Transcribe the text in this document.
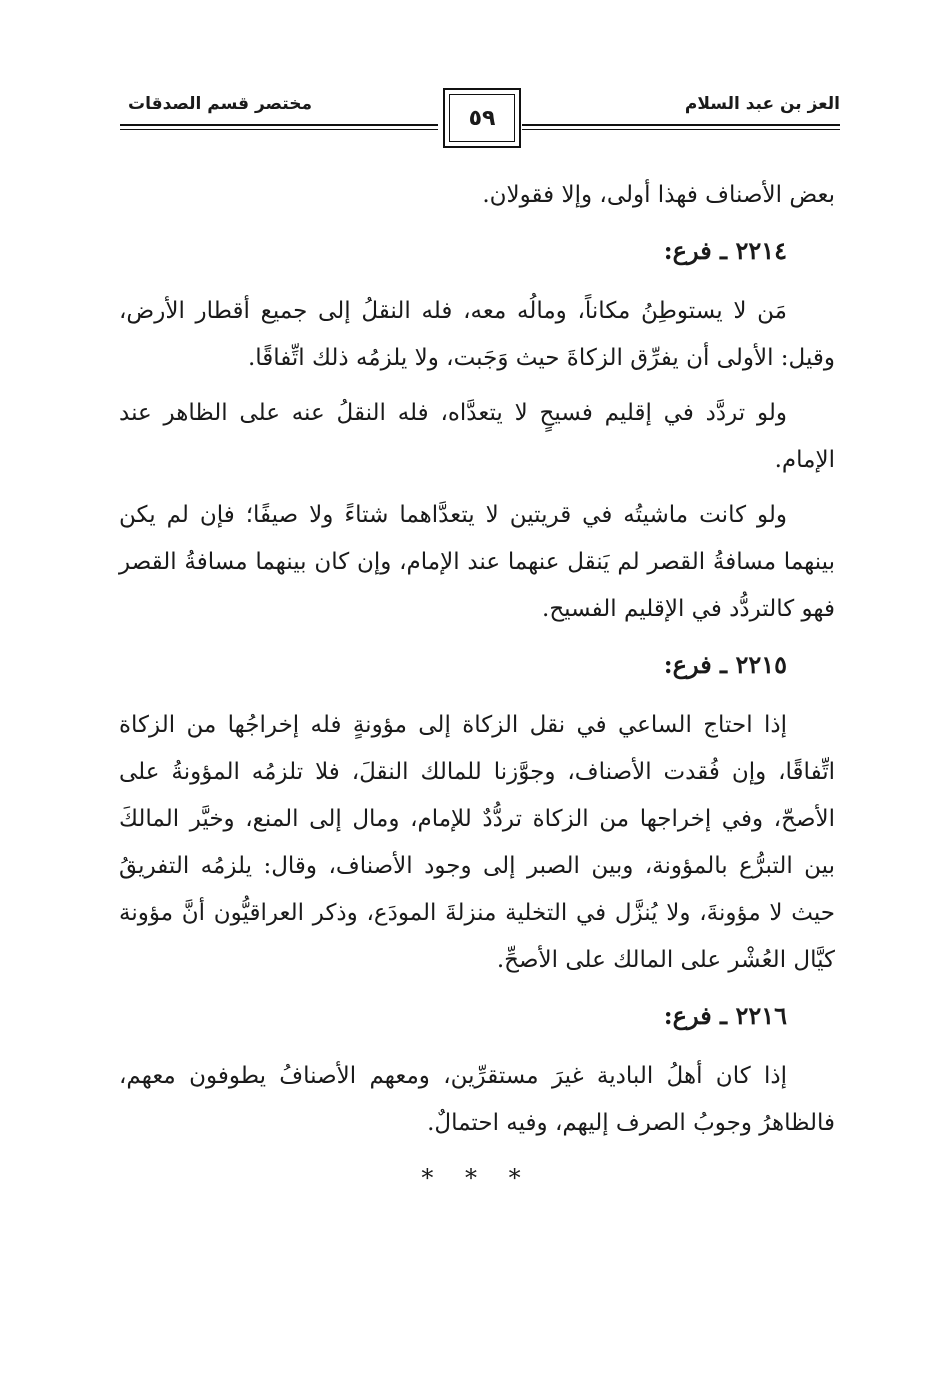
مختصر قسم الصدقات
٥٩
العز بن عبد السلام

بعض الأصناف فهذا أولى، وإلا فقولان.

٢٢١٤ ـ فرع:

مَن لا يستوطِنُ مكاناً، ومالُه معه، فله النقلُ إلى جميع أقطار الأرض، وقيل: الأولى أن يفرِّق الزكاةَ حيث وَجَبت، ولا يلزمُه ذلك اتِّفاقًا.

ولو تردَّد في إقليم فسيحٍ لا يتعدَّاه، فله النقلُ عنه على الظاهر عند الإمام.

ولو كانت ماشيتُه في قريتين لا يتعدَّاهما شتاءً ولا صيفًا؛ فإن لم يكن بينهما مسافةُ القصر لم يَنقل عنهما عند الإمام، وإن كان بينهما مسافةُ القصر فهو كالتردُّد في الإقليم الفسيح.

٢٢١٥ ـ فرع:

إذا احتاج الساعي في نقل الزكاة إلى مؤونةٍ فله إخراجُها من الزكاة اتِّفاقًا، وإن فُقدت الأصناف، وجوَّزنا للمالك النقلَ، فلا تلزمُه المؤونةُ على الأصحّ، وفي إخراجها من الزكاة تردُّدٌ للإمام، ومال إلى المنع، وخيَّر المالكَ بين التبرُّع بالمؤونة، وبين الصبر إلى وجود الأصناف، وقال: يلزمُه التفريقُ حيث لا مؤونةَ، ولا يُنزَّل في التخلية منزلةَ المودَع، وذكر العراقيُّون أنَّ مؤونة كيَّال العُشْر على المالك على الأصحِّ.

٢٢١٦ ـ فرع:

إذا كان أهلُ البادية غيرَ مستقرِّين، ومعهم الأصنافُ يطوفون معهم، فالظاهرُ وجوبُ الصرف إليهم، وفيه احتمالٌ.

* * *
